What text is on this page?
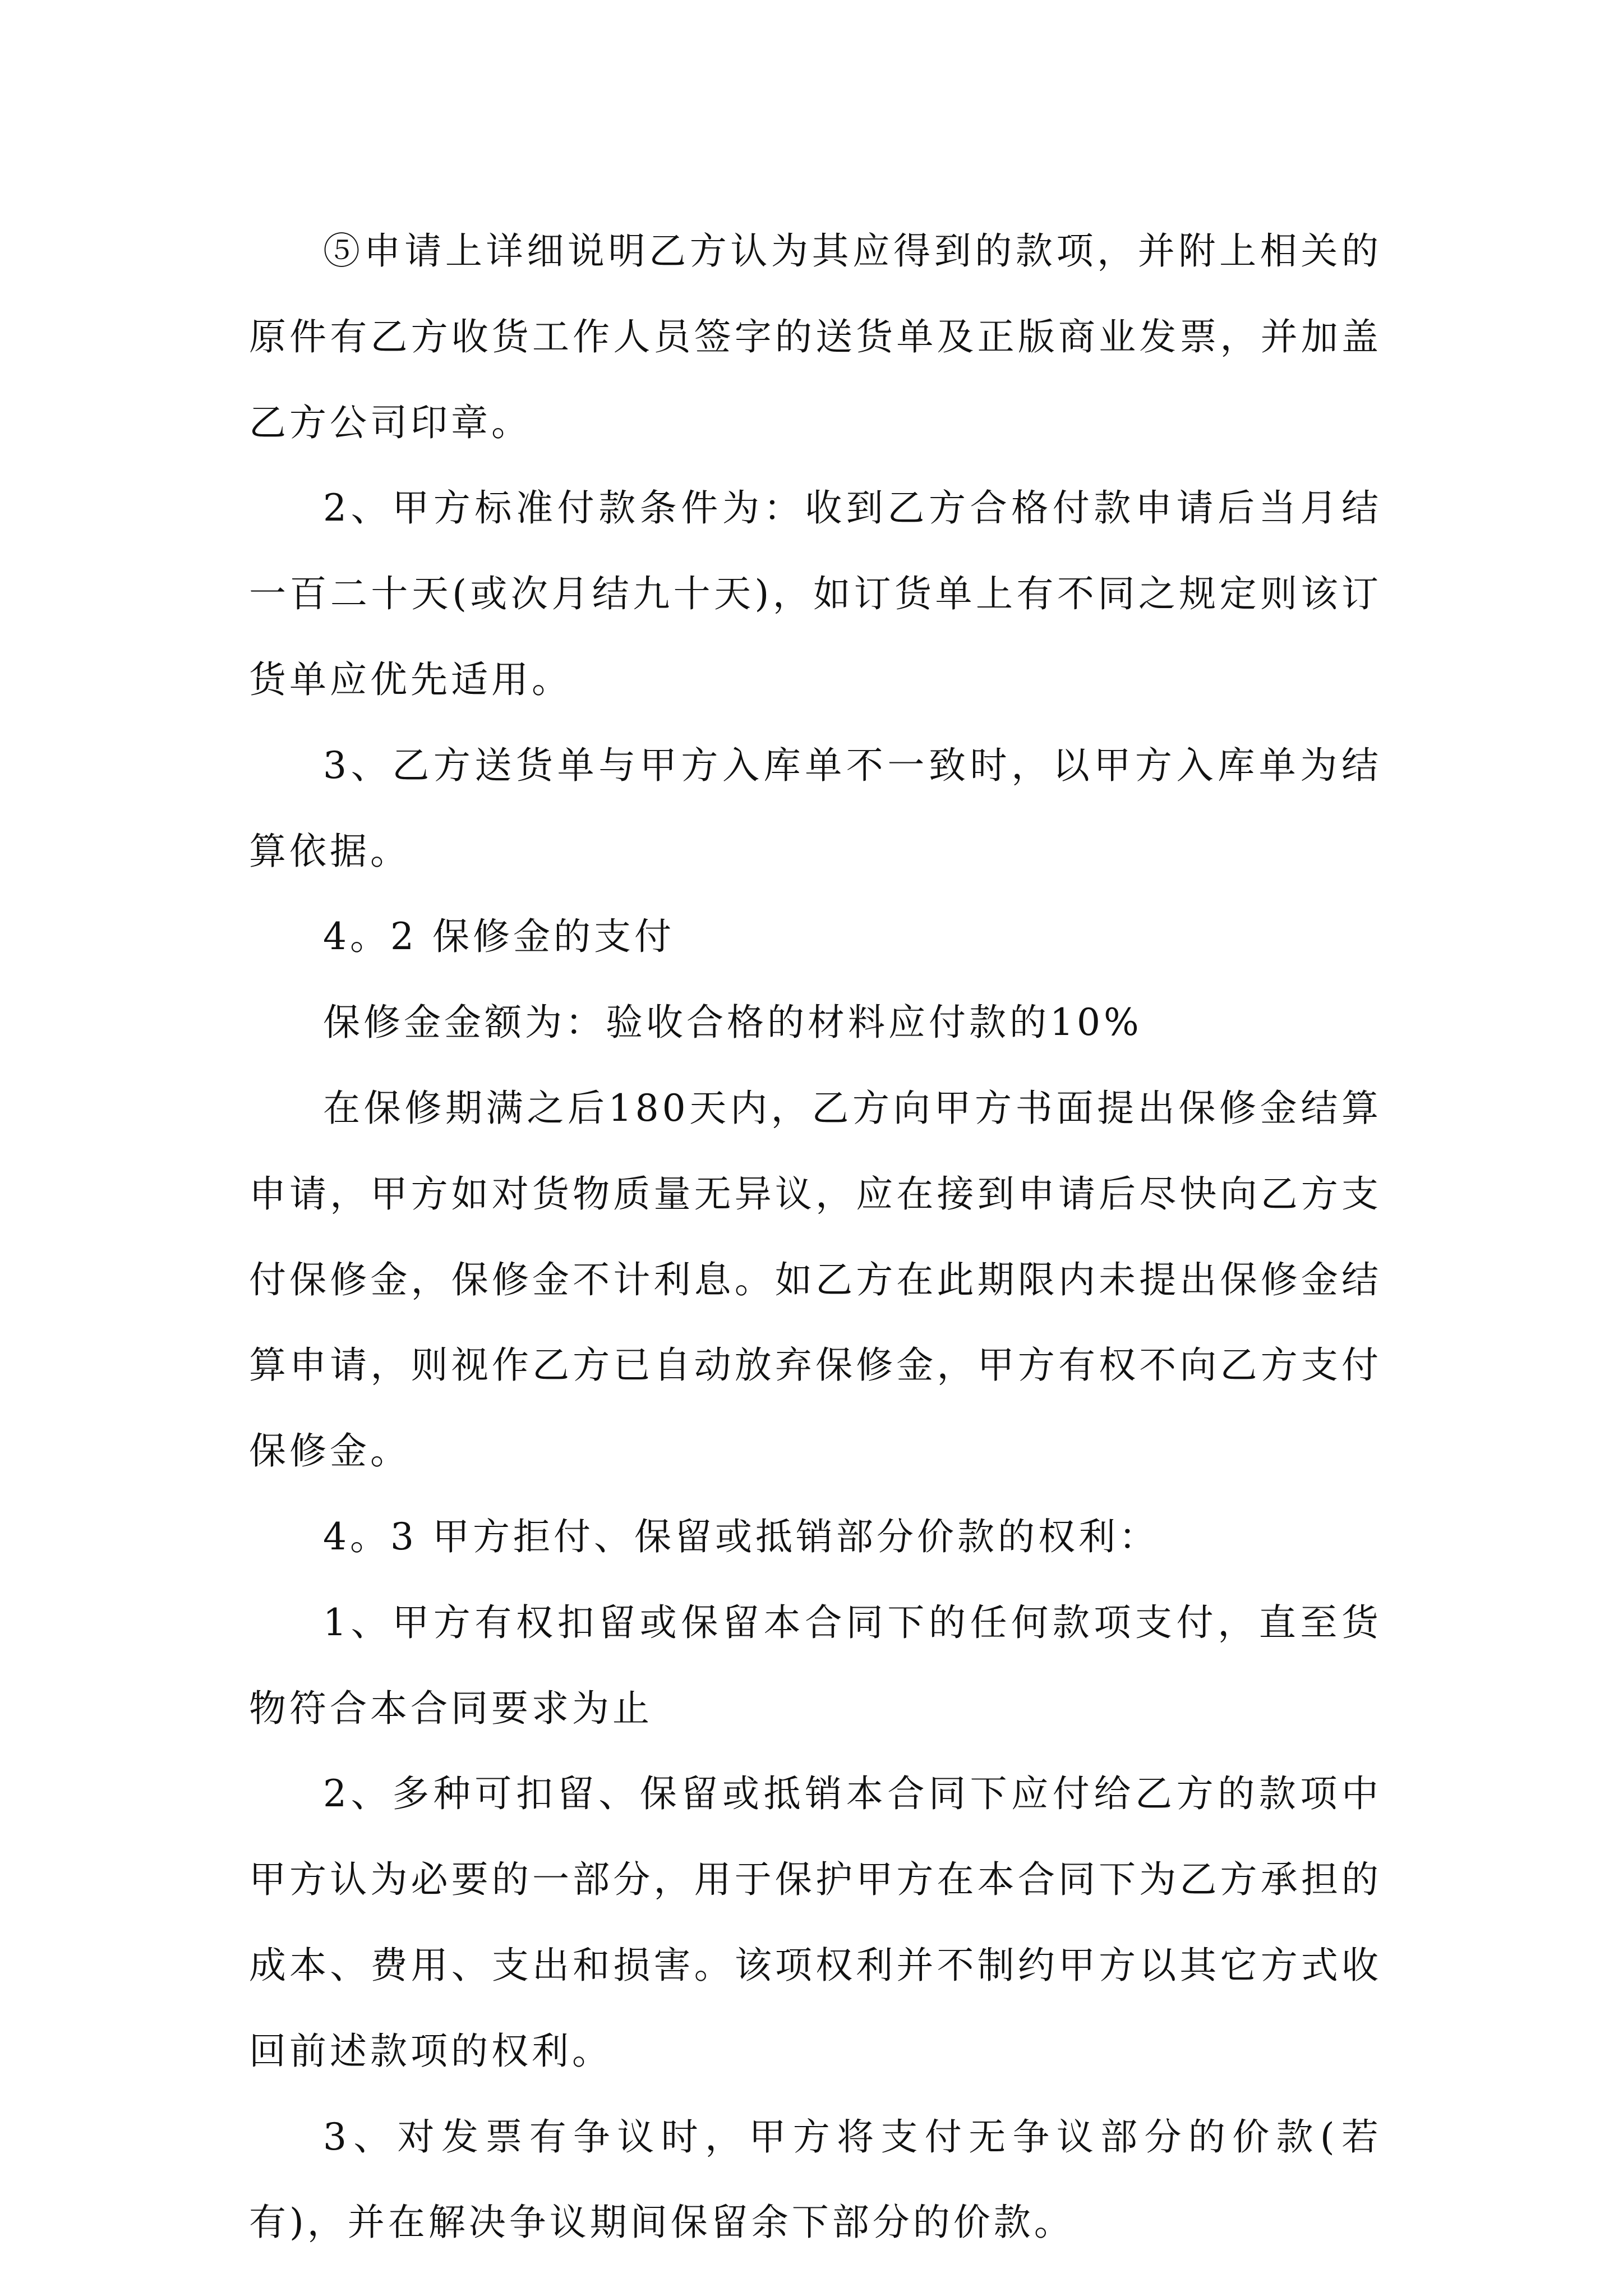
⑤申请上详细说明乙方认为其应得到的款项，并附上相关的原件有乙方收货工作人员签字的送货单及正版商业发票，并加盖乙方公司印章。

2、甲方标准付款条件为：收到乙方合格付款申请后当月结一百二十天(或次月结九十天)，如订货单上有不同之规定则该订货单应优先适用。

3、乙方送货单与甲方入库单不一致时，以甲方入库单为结算依据。

4。2 保修金的支付

保修金金额为：验收合格的材料应付款的10%

在保修期满之后180天内，乙方向甲方书面提出保修金结算申请，甲方如对货物质量无异议，应在接到申请后尽快向乙方支付保修金，保修金不计利息。如乙方在此期限内未提出保修金结算申请，则视作乙方已自动放弃保修金，甲方有权不向乙方支付保修金。

4。3 甲方拒付、保留或抵销部分价款的权利：

1、甲方有权扣留或保留本合同下的任何款项支付，直至货物符合本合同要求为止

2、多种可扣留、保留或抵销本合同下应付给乙方的款项中甲方认为必要的一部分，用于保护甲方在本合同下为乙方承担的成本、费用、支出和损害。该项权利并不制约甲方以其它方式收回前述款项的权利。

3、对发票有争议时，甲方将支付无争议部分的价款(若有)，并在解决争议期间保留余下部分的价款。
